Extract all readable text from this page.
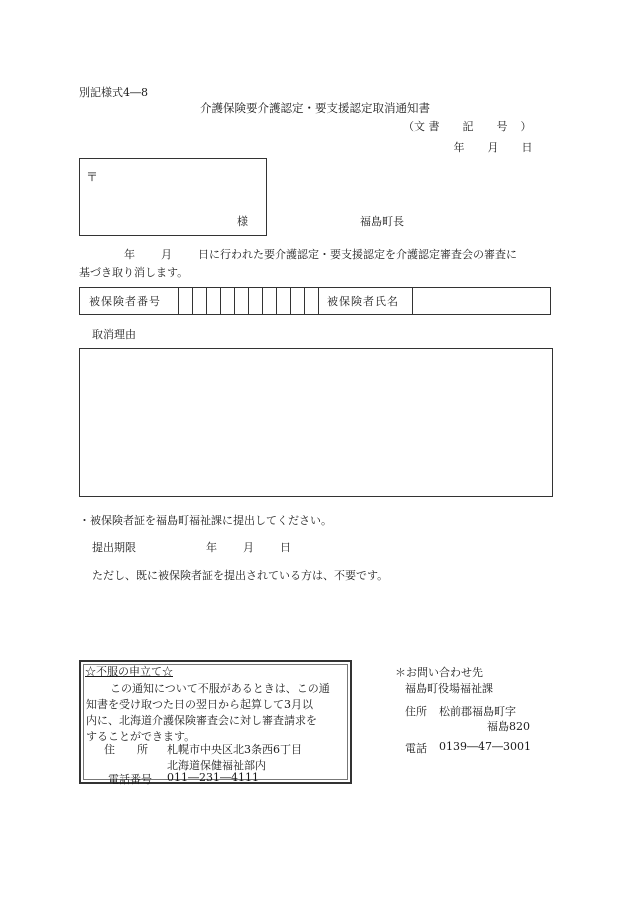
別記様式4―8
介護保険要介護認定・要支援認定取消通知書
（文 書 記 号 ）
年 月 日
〒
様	福島町長
年 月 日に行われた要介護認定・要支援認定を介護認定審査会の審査に
基づき取り消します。
被保険者番号	被保険者氏名
取消理由
・被保険者証を福島町福祉課に提出してください。
提出期限	年 月 日
ただし、既に被保険者証を提出されている方は、不要です。
☆不服の申立て☆
この通知について不服があるときは、この通
知書を受け取つた日の翌日から起算して3月以
内に、北海道介護保険審査会に対し審査請求を
することができます。
住　　所 札幌市中央区北3条西6丁目
北海道保健福祉部内
電話番号 011―231―4111
＊お問い合わせ先
福島町役場福祉課
住所 松前郡福島町字
福島820
電話 0139―47―3001
